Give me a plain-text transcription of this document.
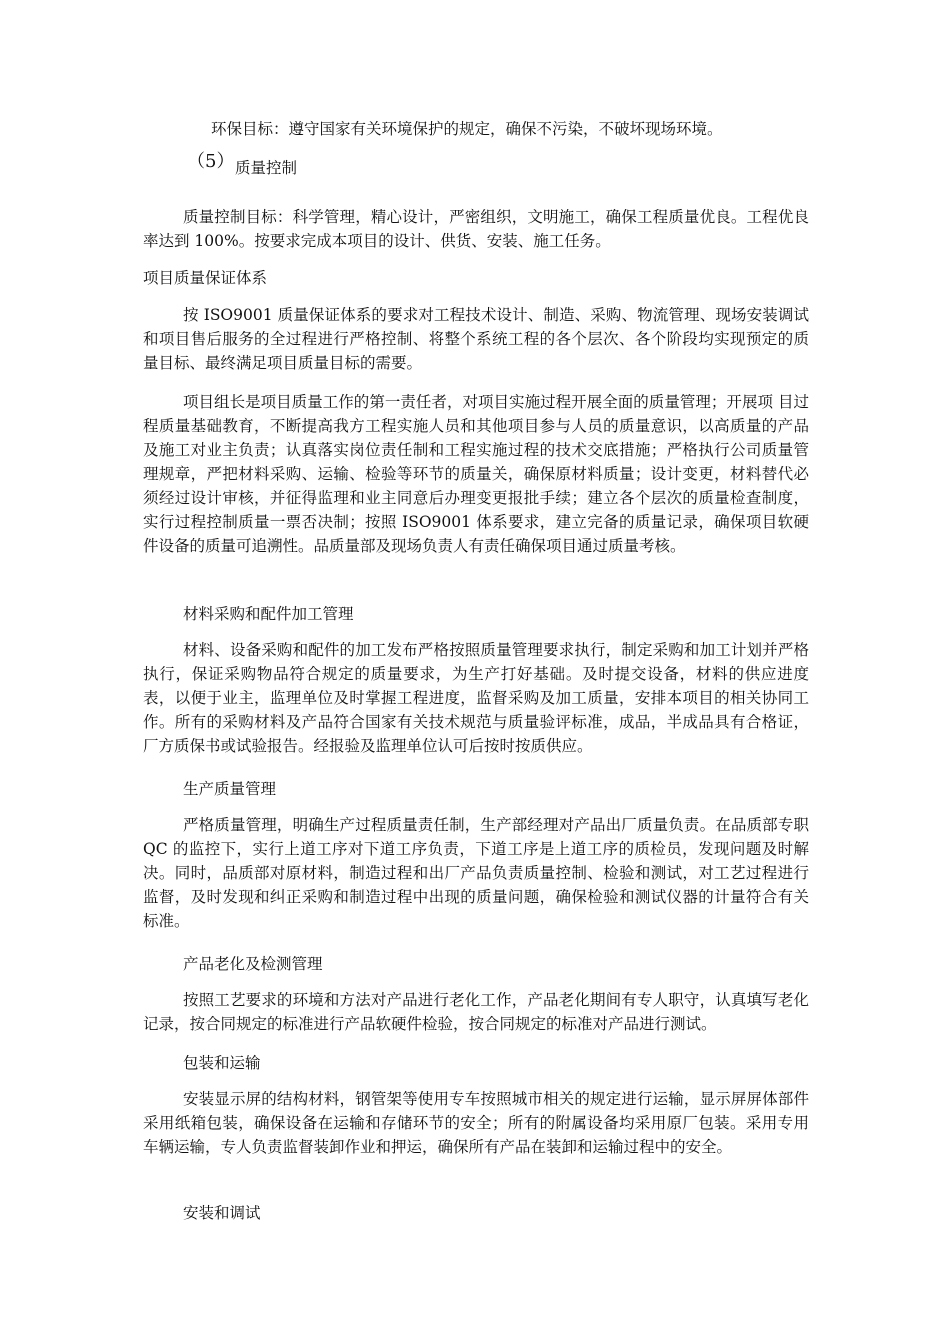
环保目标：遵守国家有关环境保护的规定，确保不污染，不破坏现场环境。

（5） 质量控制

质量控制目标：科学管理，精心设计，严密组织，文明施工，确保工程质量优良。工程优良率达到 100%。按要求完成本项目的设计、供货、安装、施工任务。

项目质量保证体系

按 ISO9001 质量保证体系的要求对工程技术设计、制造、采购、物流管理、现场安装调试和项目售后服务的全过程进行严格控制、将整个系统工程的各个层次、各个阶段均实现预定的质量目标、最终满足项目质量目标的需要。

项目组长是项目质量工作的第一责任者，对项目实施过程开展全面的质量管理；开展项 目过程质量基础教育，不断提高我方工程实施人员和其他项目参与人员的质量意识，以高质量的产品及施工对业主负责；认真落实岗位责任制和工程实施过程的技术交底措施；严格执行公司质量管理规章，严把材料采购、运输、检验等环节的质量关，确保原材料质量；设计变更，材料替代必须经过设计审核，并征得监理和业主同意后办理变更报批手续；建立各个层次的质量检查制度，实行过程控制质量一票否决制；按照 ISO9001 体系要求，建立完备的质量记录，确保项目软硬件设备的质量可追溯性。品质量部及现场负责人有责任确保项目通过质量考核。

材料采购和配件加工管理

材料、设备采购和配件的加工发布严格按照质量管理要求执行，制定采购和加工计划并严格执行，保证采购物品符合规定的质量要求，为生产打好基础。及时提交设备，材料的供应进度表，以便于业主，监理单位及时掌握工程进度，监督采购及加工质量，安排本项目的相关协同工作。所有的采购材料及产品符合国家有关技术规范与质量验评标准，成品，半成品具有合格证，厂方质保书或试验报告。经报验及监理单位认可后按时按质供应。

生产质量管理

严格质量管理，明确生产过程质量责任制，生产部经理对产品出厂质量负责。在品质部专职 QC 的监控下，实行上道工序对下道工序负责，下道工序是上道工序的质检员，发现问题及时解决。同时，品质部对原材料，制造过程和出厂产品负责质量控制、检验和测试，对工艺过程进行监督，及时发现和纠正采购和制造过程中出现的质量问题，确保检验和测试仪器的计量符合有关标准。

产品老化及检测管理

按照工艺要求的环境和方法对产品进行老化工作，产品老化期间有专人职守，认真填写老化记录，按合同规定的标准进行产品软硬件检验，按合同规定的标准对产品进行测试。

包装和运输

安装显示屏的结构材料，钢管架等使用专车按照城市相关的规定进行运输，显示屏屏体部件采用纸箱包装，确保设备在运输和存储环节的安全；所有的附属设备均采用原厂包装。采用专用车辆运输，专人负责监督装卸作业和押运，确保所有产品在装卸和运输过程中的安全。

安装和调试
